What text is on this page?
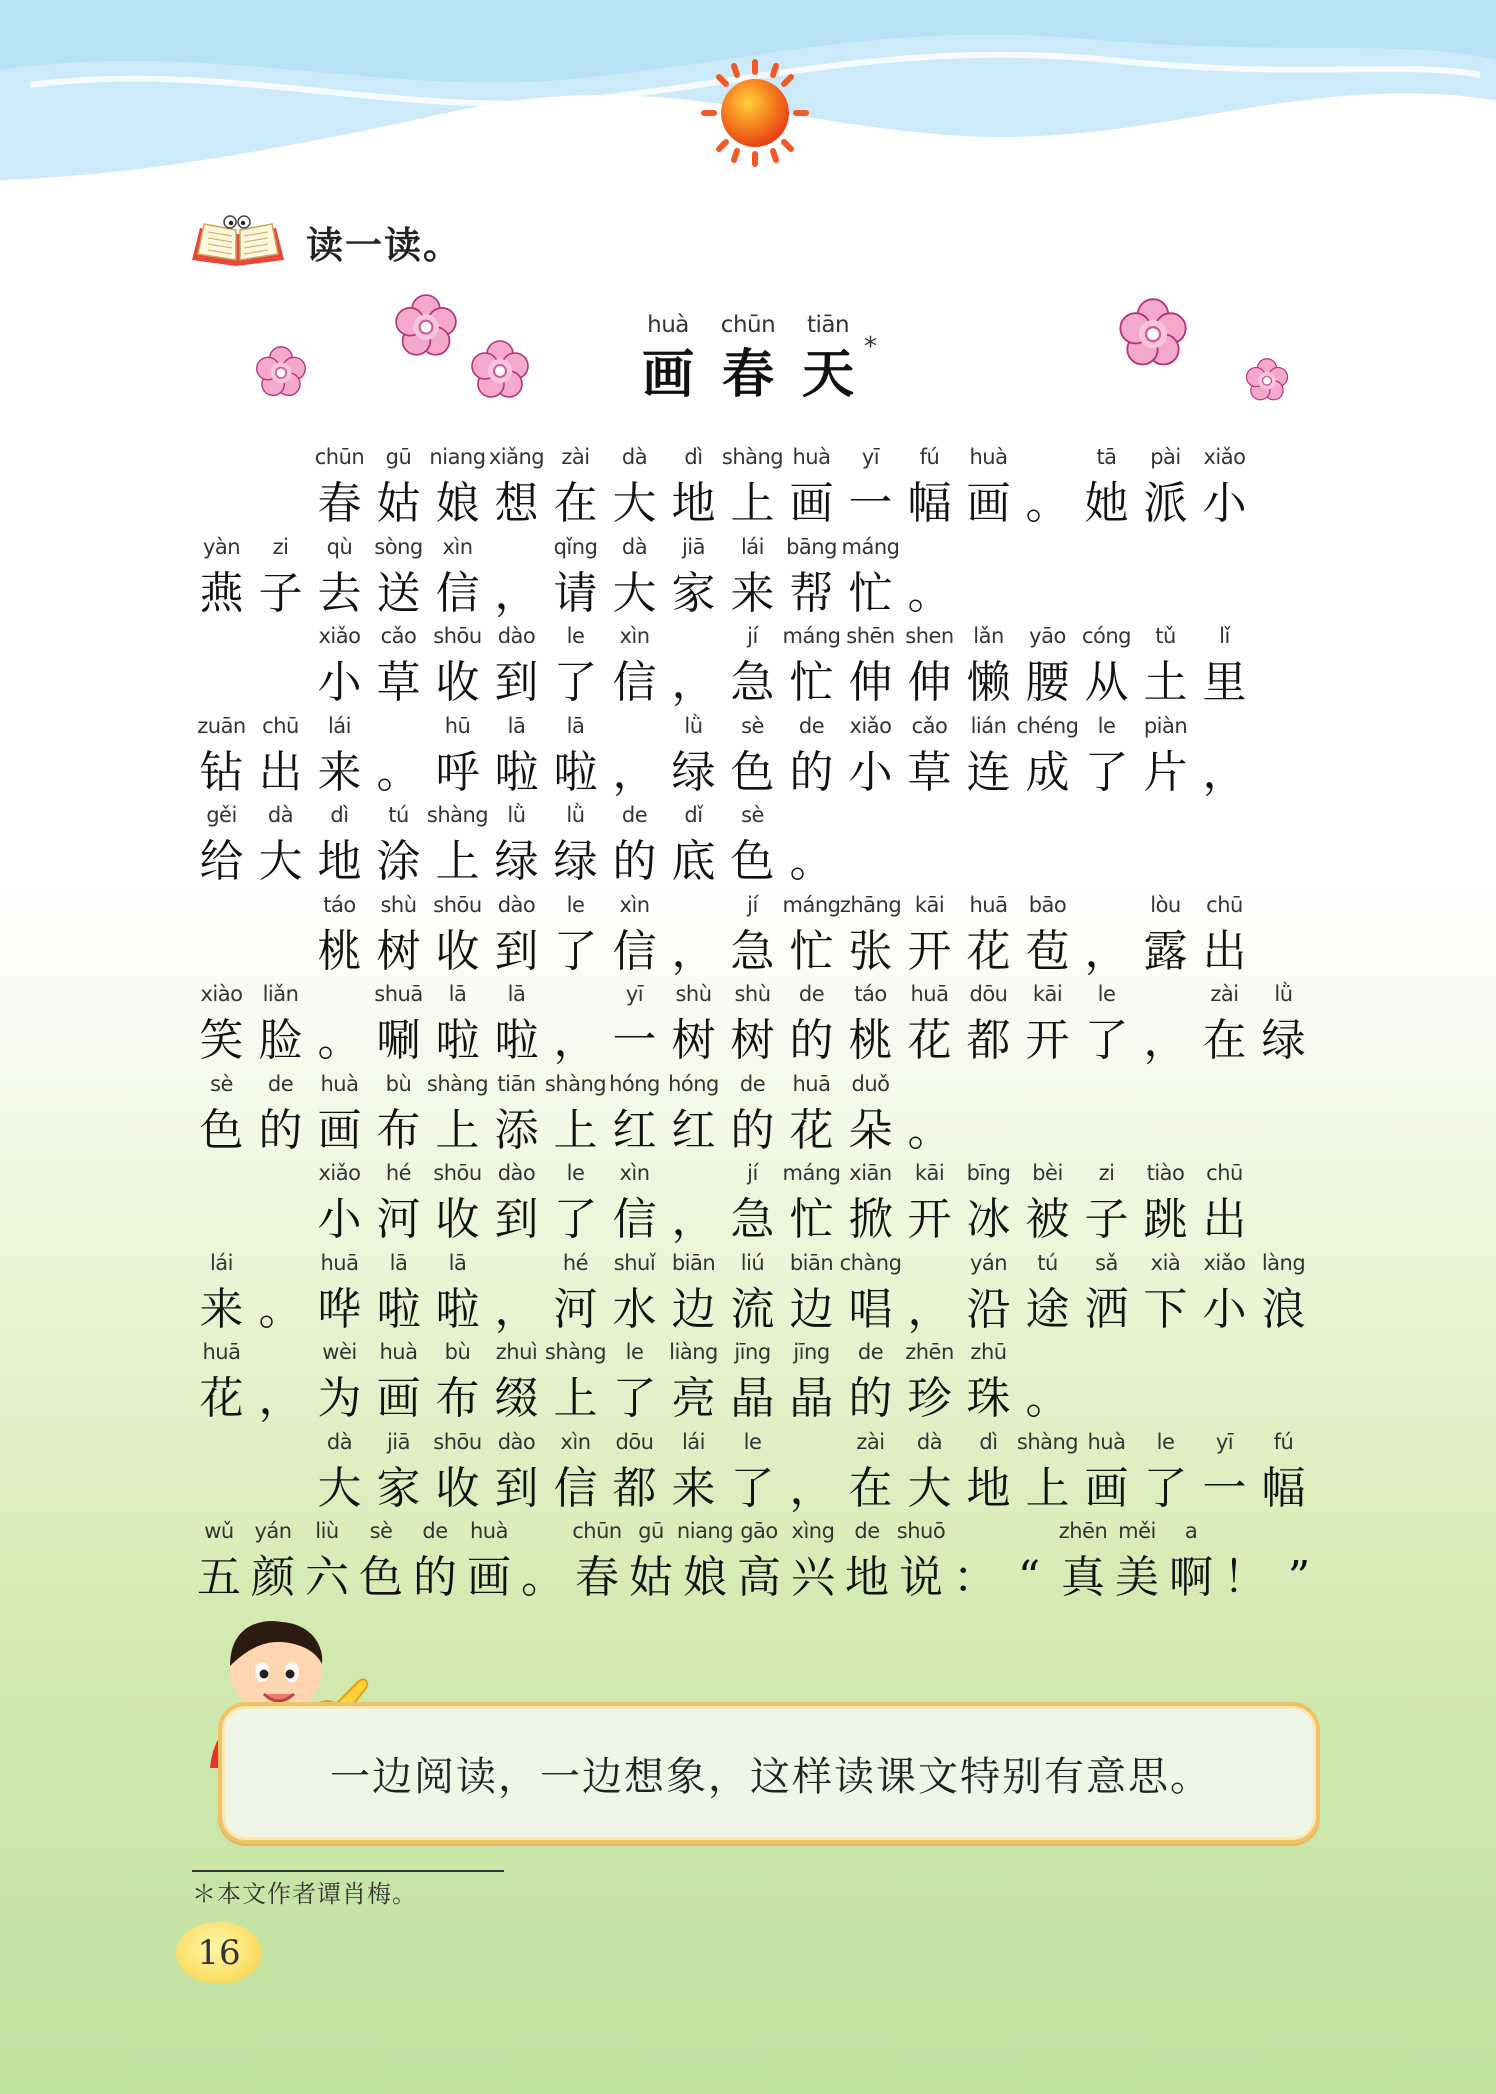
读一读。
huà
画
chūn
春
tiān
天 *
chūn
春
gū
姑
niang
娘
xiǎng
想
zài
在
dà
大
dì
地
shàng
上
huà
画
yī
一
fú
幅
huà
画 。
tā
她
pài
派
xiǎo
小
yàn
燕
zi
子
qù
去
sòng
送
xìn
信 ，
qǐng
请
dà
大
jiā
家
lái
来
bāng
帮
máng
忙 。
xiǎo
小
cǎo
草
shōu
收
dào
到
le
了
xìn
信 ，
jí
急
máng
忙
shēn
伸
shen
伸
lǎn
懒
yāo
腰
cóng
从
tǔ
土
lǐ
里
zuān
钻
chū
出
lái
来 。
hū
呼
lā
啦
lā
啦 ，
lǜ
绿
sè
色
de
的
xiǎo
小
cǎo
草
lián
连
chéng
成
le
了
piàn
片 ，
gěi
给
dà
大
dì
地
tú
涂
shàng
上
lǜ
绿
lǜ
绿
de
的
dǐ
底
sè
色 。
táo
桃
shù
树
shōu
收
dào
到
le
了
xìn
信 ，
jí
急
máng
忙
zhāng
张
kāi
开
huā
花
bāo
苞 ，
lòu
露
chū
出
xiào
笑
liǎn
脸 。
shuā
唰
lā
啦
lā
啦 ，
yī
一
shù
树
shù
树
de
的
táo
桃
huā
花
dōu
都
kāi
开
le
了 ，
zài
在
lǜ
绿
sè
色
de
的
huà
画
bù
布
shàng
上
tiān
添
shàng
上
hóng
红
hóng
红
de
的
huā
花
duǒ
朵 。
xiǎo
小
hé
河
shōu
收
dào
到
le
了
xìn
信 ，
jí
急
máng
忙
xiān
掀
kāi
开
bīng
冰
bèi
被
zi
子
tiào
跳
chū
出
lái
来 。
huā
哗
lā
啦
lā
啦 ，
hé
河
shuǐ
水
biān
边
liú
流
biān
边
chàng
唱 ，
yán
沿
tú
途
sǎ
洒
xià
下
xiǎo
小
làng
浪
huā
花 ，
wèi
为
huà
画
bù
布
zhuì
缀
shàng
上
le
了
liàng
亮
jīng
晶
jīng
晶
de
的
zhēn
珍
zhū
珠 。
dà
大
jiā
家
shōu
收
dào
到
xìn
信
dōu
都
lái
来
le
了 ，
zài
在
dà
大
dì
地
shàng
上
huà
画
le
了
yī
一
fú
幅
wǔ
五
yán
颜
liù
六
sè
色
de
的
huà
画 。
chūn
春
gū
姑
niang
娘
gāo
高
xìng
兴
de
地
shuō
说 ： “
zhēn
真
měi
美
a
啊 ！ ”
一边阅读，一边想象，这样读课文特别有意思。
＊本文作者谭肖梅。
16
